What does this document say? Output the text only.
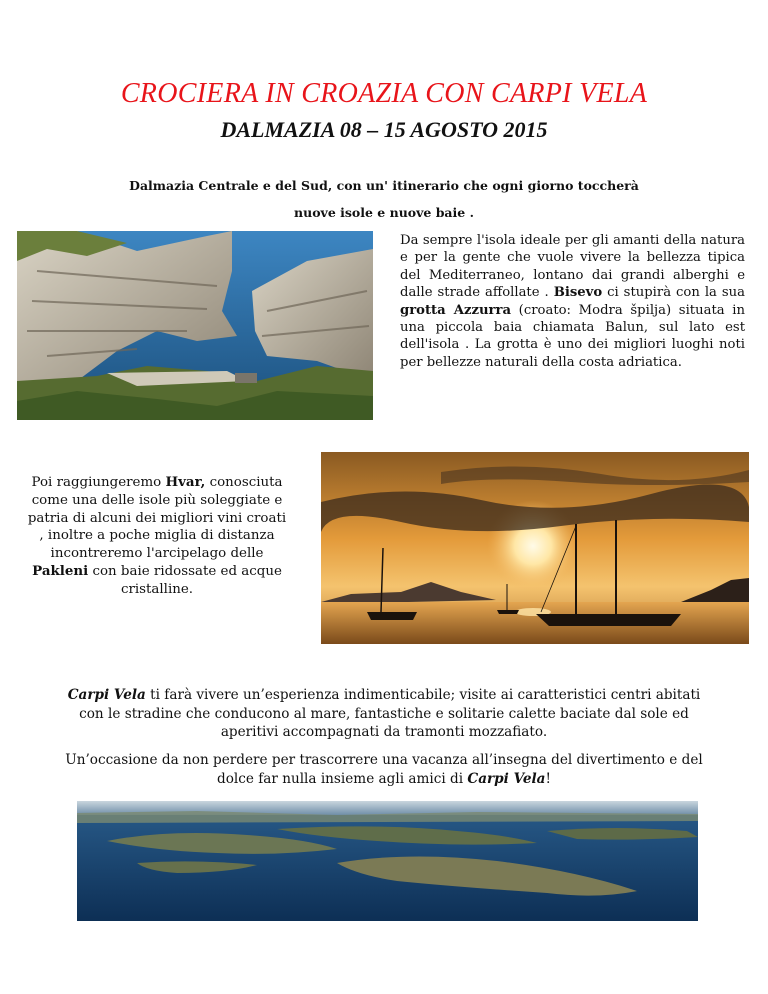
CROCIERA IN CROAZIA CON CARPI VELA
DALMAZIA 08 – 15 AGOSTO 2015
Dalmazia Centrale e del Sud, con un' itinerario che ogni giorno toccherà
nuove isole e nuove baie .
Da sempre l'isola ideale per gli amanti della natura e per la gente che vuole vivere la bellezza tipica del Mediterraneo, lontano dai grandi alberghi e dalle strade affollate . Bisevo ci stupirà con la sua grotta Azzurra (croato: Modra špilja) situata in una piccola baia chiamata Balun, sul lato est dell'isola . La grotta è uno dei migliori luoghi noti per bellezze naturali della costa adriatica.
Poi raggiungeremo Hvar, conosciuta come una delle isole più soleggiate e patria di alcuni dei migliori vini croati , inoltre a poche miglia di distanza incontreremo l'arcipelago delle Pakleni con baie ridossate ed acque cristalline.
Carpi Vela ti farà vivere un’esperienza indimenticabile; visite ai caratteristici centri abitati con le stradine che conducono al mare, fantastiche e solitarie calette baciate dal sole ed aperitivi accompagnati da tramonti mozzafiato.
Un’occasione da non perdere per trascorrere una vacanza all’insegna del divertimento e del dolce far nulla insieme agli amici di Carpi Vela!
